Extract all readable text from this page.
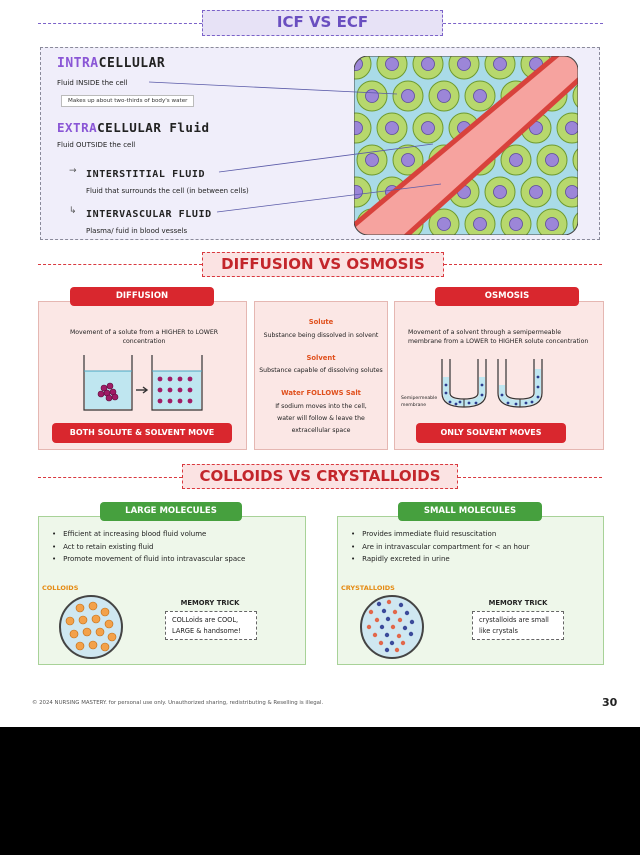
ICF VS ECF
INTRACELLULAR
Fluid INSIDE the cell
Makes up about two-thirds of body's water
EXTRACELLULAR Fluid
Fluid OUTSIDE the cell
→ INTERSTITIAL FLUID
Fluid that surrounds the cell (in between cells)
↳ INTERVASCULAR FLUID
Plasma/ fuid in blood vessels
DIFFUSION VS OSMOSIS
DIFFUSION
Movement of a solute from a HIGHER to LOWER concentration
BOTH SOLUTE & SOLVENT MOVE
Solute
Substance being dissolved in solvent
Solvent
Substance capable of dissolving solutes
Water FOLLOWS Salt
If sodium moves into the cell, water will follow & leave the extracellular space
OSMOSIS
Movement of a solvent through a semipermeable membrane from a LOWER to HIGHER solute concentration
Semipermeable membrane
ONLY SOLVENT MOVES
COLLOIDS VS CRYSTALLOIDS
LARGE MOLECULES
• Efficient at increasing blood fluid volume
• Act to retain existing fluid
• Promote movement of fluid into intravascular space
COLLOIDS
MEMORY TRICK
COLLoids are COOL, LARGE & handsome!
SMALL MOLECULES
• Provides immediate fluid resuscitation
• Are in intravascular compartment for < an hour
• Rapidly excreted in urine
CRYSTALLOIDS
MEMORY TRICK
crystalloids are small like crystals
© 2024 NURSING MASTERY. for personal use only. Unauthorized sharing, redistributing & Reselling is illegal.	30
